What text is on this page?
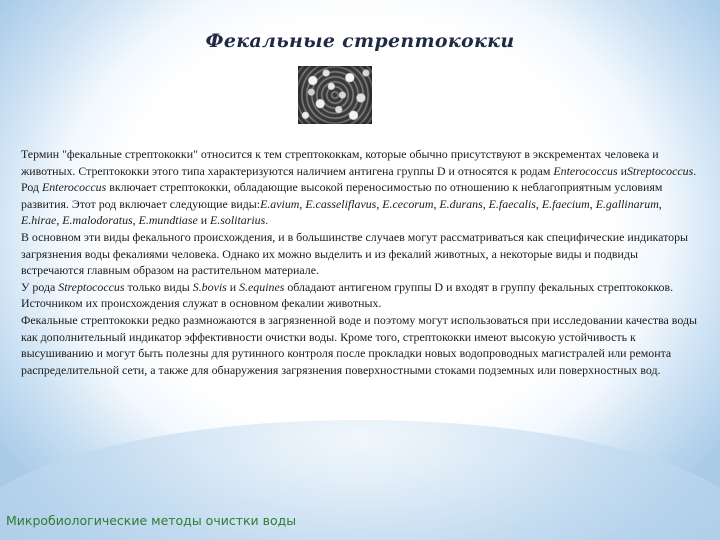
Фекальные стрептококки

Термин "фекальные стрептококки" относится к тем стрептококкам, которые обычно присутствуют в экскрементах человека и животных. Стрептококки этого типа характеризуются наличием антигена группы D и относятся к родам Enterococcus иStreptococcus. Род Enterococcus включает стрептококки, обладающие высокой переносимостью по отношению к неблагоприятным условиям развития. Этот род включает следующие виды:E.avium, E.casseliflavus, E.cecorum, E.durans, E.faecalis, E.faecium, E.gallinarum, E.hirae, E.malodoratus, E.mundtiase и E.solitarius.

В основном эти виды фекального происхождения, и в большинстве случаев могут рассматриваться как специфические индикаторы загрязнения воды фекалиями человека. Однако их можно выделить и из фекалий животных, а некоторые виды и подвиды встречаются главным образом на растительном материале.

У рода Streptococcus только виды S.bovis и S.equines обладают антигеном группы D и входят в группу фекальных стрептококков. Источником их происхождения служат в основном фекалии животных.

Фекальные стрептококки редко размножаются в загрязненной воде и поэтому могут использоваться при исследовании качества воды как дополнительный индикатор эффективности очистки воды. Кроме того, стрептококки имеют высокую устойчивость к высушиванию и могут быть полезны для рутинного контроля после прокладки новых водопроводных магистралей или ремонта распределительной сети, а также для обнаружения загрязнения поверхностными стоками подземных или поверхностных вод.

Микробиологические методы очистки воды
